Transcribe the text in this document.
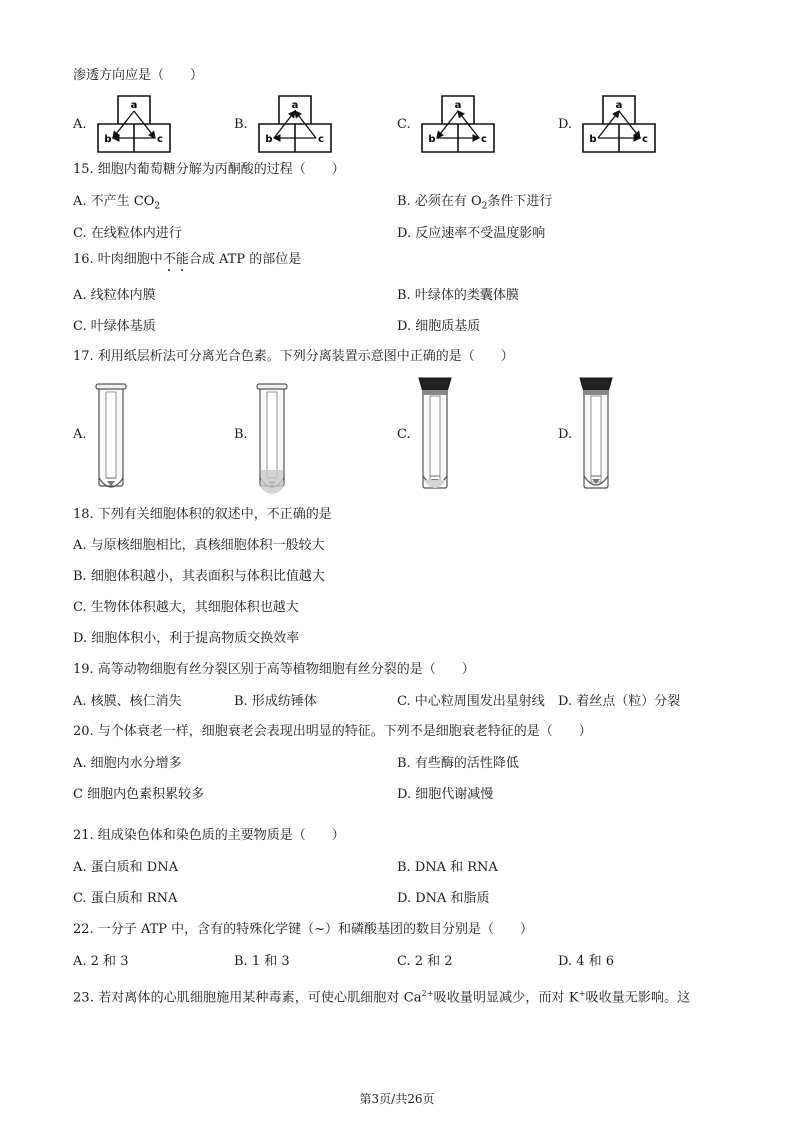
渗透方向应是（　　）
A.
a
b	c
B.
a
b	c
C.
a
b	c
D.
a
b	c
15. 细胞内葡萄糖分解为丙酮酸的过程（　　）
A. 不产生 $CO_2$	B. 必须在有 $O_2$条件下进行
C. 在线粒体内进行	D. 反应速率不受温度影响
16. 叶肉细胞中不能合成 ATP 的部位是
A. 线粒体内膜	B. 叶绿体的类囊体膜
C. 叶绿体基质	D. 细胞质基质
17. 利用纸层析法可分离光合色素。下列分离装置示意图中正确的是（　　）
A.	B.	C.	D.
18. 下列有关细胞体积的叙述中，不正确的是
A. 与原核细胞相比，真核细胞体积一般较大
B. 细胞体积越小，其表面积与体积比值越大
C. 生物体体积越大，其细胞体积也越大
D. 细胞体积小，利于提高物质交换效率
19. 高等动物细胞有丝分裂区别于高等植物细胞有丝分裂的是（　　）
A. 核膜、核仁消失	B. 形成纺锤体	C. 中心粒周围发出星射线 D. 着丝点（粒）分裂
20. 与个体衰老一样，细胞衰老会表现出明显的特征。下列不是细胞衰老特征的是（　　）
A. 细胞内水分增多	B. 有些酶的活性降低
C 细胞内色素积累较多	D. 细胞代谢减慢
21. 组成染色体和染色质的主要物质是（　　）
A. 蛋白质和 DNA	B. DNA 和 RNA
C. 蛋白质和 RNA	D. DNA 和脂质
22. 一分子 ATP 中，含有的特殊化学键（~）和磷酸基团的数目分别是（　　）
A. 2 和 3	B. 1 和 3	C. 2 和 2	D. 4 和 6
23. 若对离体的心肌细胞施用某种毒素，可使心肌细胞对 $Ca^{2+}$吸收量明显减少，而对 K+吸收量无影响。这
第3页/共26页
